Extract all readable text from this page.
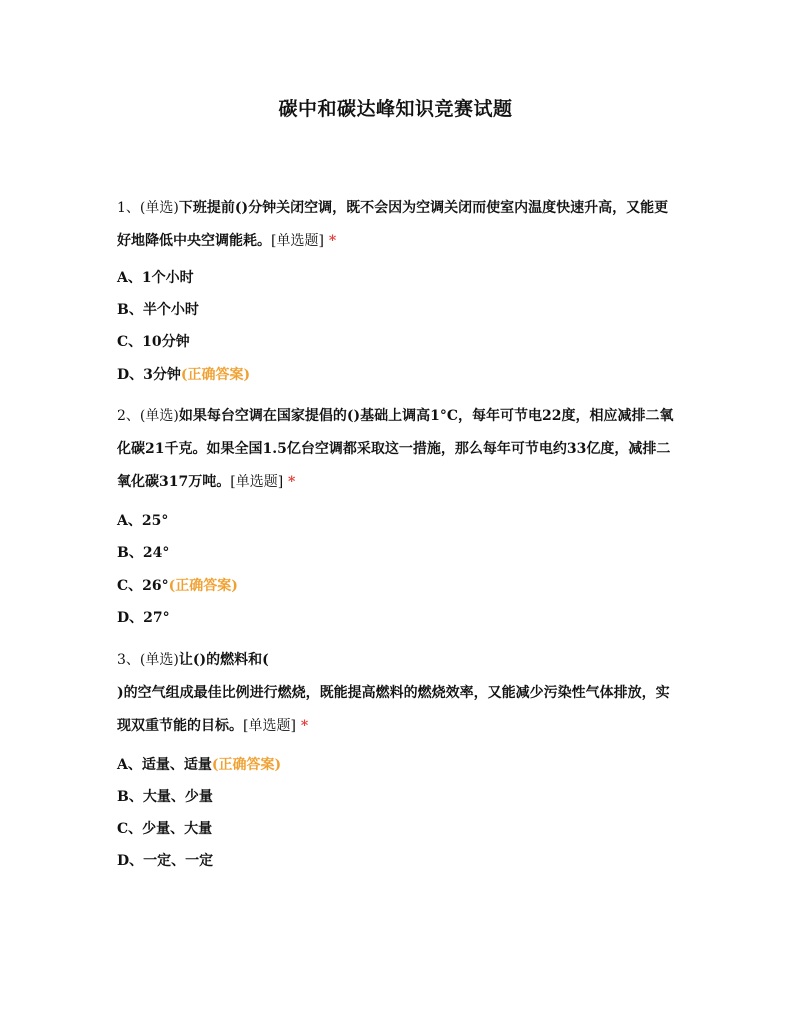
碳中和碳达峰知识竞赛试题
1、(单选)下班提前()分钟关闭空调，既不会因为空调关闭而使室内温度快速升高，又能更好地降低中央空调能耗。[单选题] *
A、1个小时
B、半个小时
C、10分钟
D、3分钟(正确答案)
2、(单选)如果每台空调在国家提倡的()基础上调高1°C，每年可节电22度，相应减排二氧化碳21千克。如果全国1.5亿台空调都采取这一措施，那么每年可节电约33亿度，减排二氧化碳317万吨。[单选题] *
A、25°
B、24°
C、26°(正确答案)
D、27°
3、(单选)让()的燃料和(
)的空气组成最佳比例进行燃烧，既能提高燃料的燃烧效率，又能减少污染性气体排放，实现双重节能的目标。[单选题] *
A、适量、适量(正确答案)
B、大量、少量
C、少量、大量
D、一定、一定
